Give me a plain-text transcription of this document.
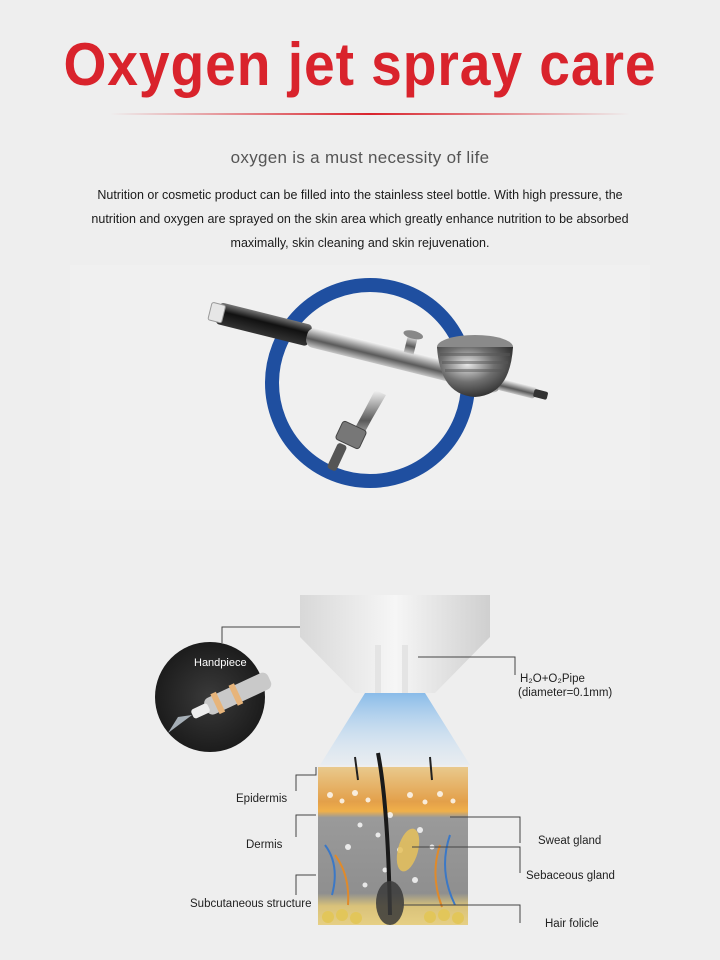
Oxygen jet spray care
oxygen is a must necessity of life
Nutrition or cosmetic product can be filled into the stainless steel bottle. With high pressure, the nutrition and oxygen are sprayed on the skin area which greatly enhance nutrition to be absorbed maximally, skin cleaning and skin rejuvenation.
Handpiece
H₂O+O₂Pipe
(diameter=0.1mm)
Epidermis
Dermis
Subcutaneous structure
Sweat gland
Sebaceous gland
Hair folicle
